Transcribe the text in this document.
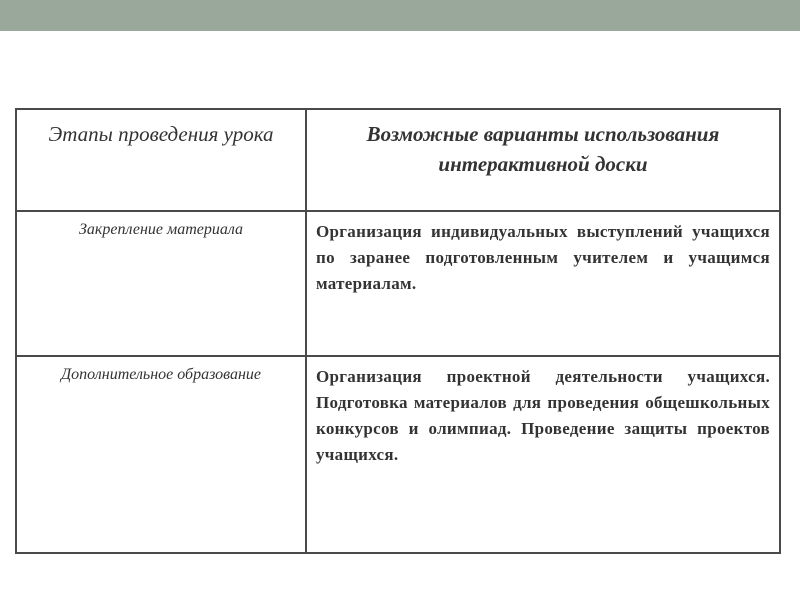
Этапы проведения урока	Возможные варианты использования интерактивной доски

Закрепление материала	Организация индивидуальных выступлений учащихся по заранее подготовленным учителем и учащимся материалам.

Дополнительное образование	Организация проектной деятельности учащихся. Подготовка материалов для проведения общешкольных конкурсов и олимпиад. Проведение защиты проектов учащихся.
